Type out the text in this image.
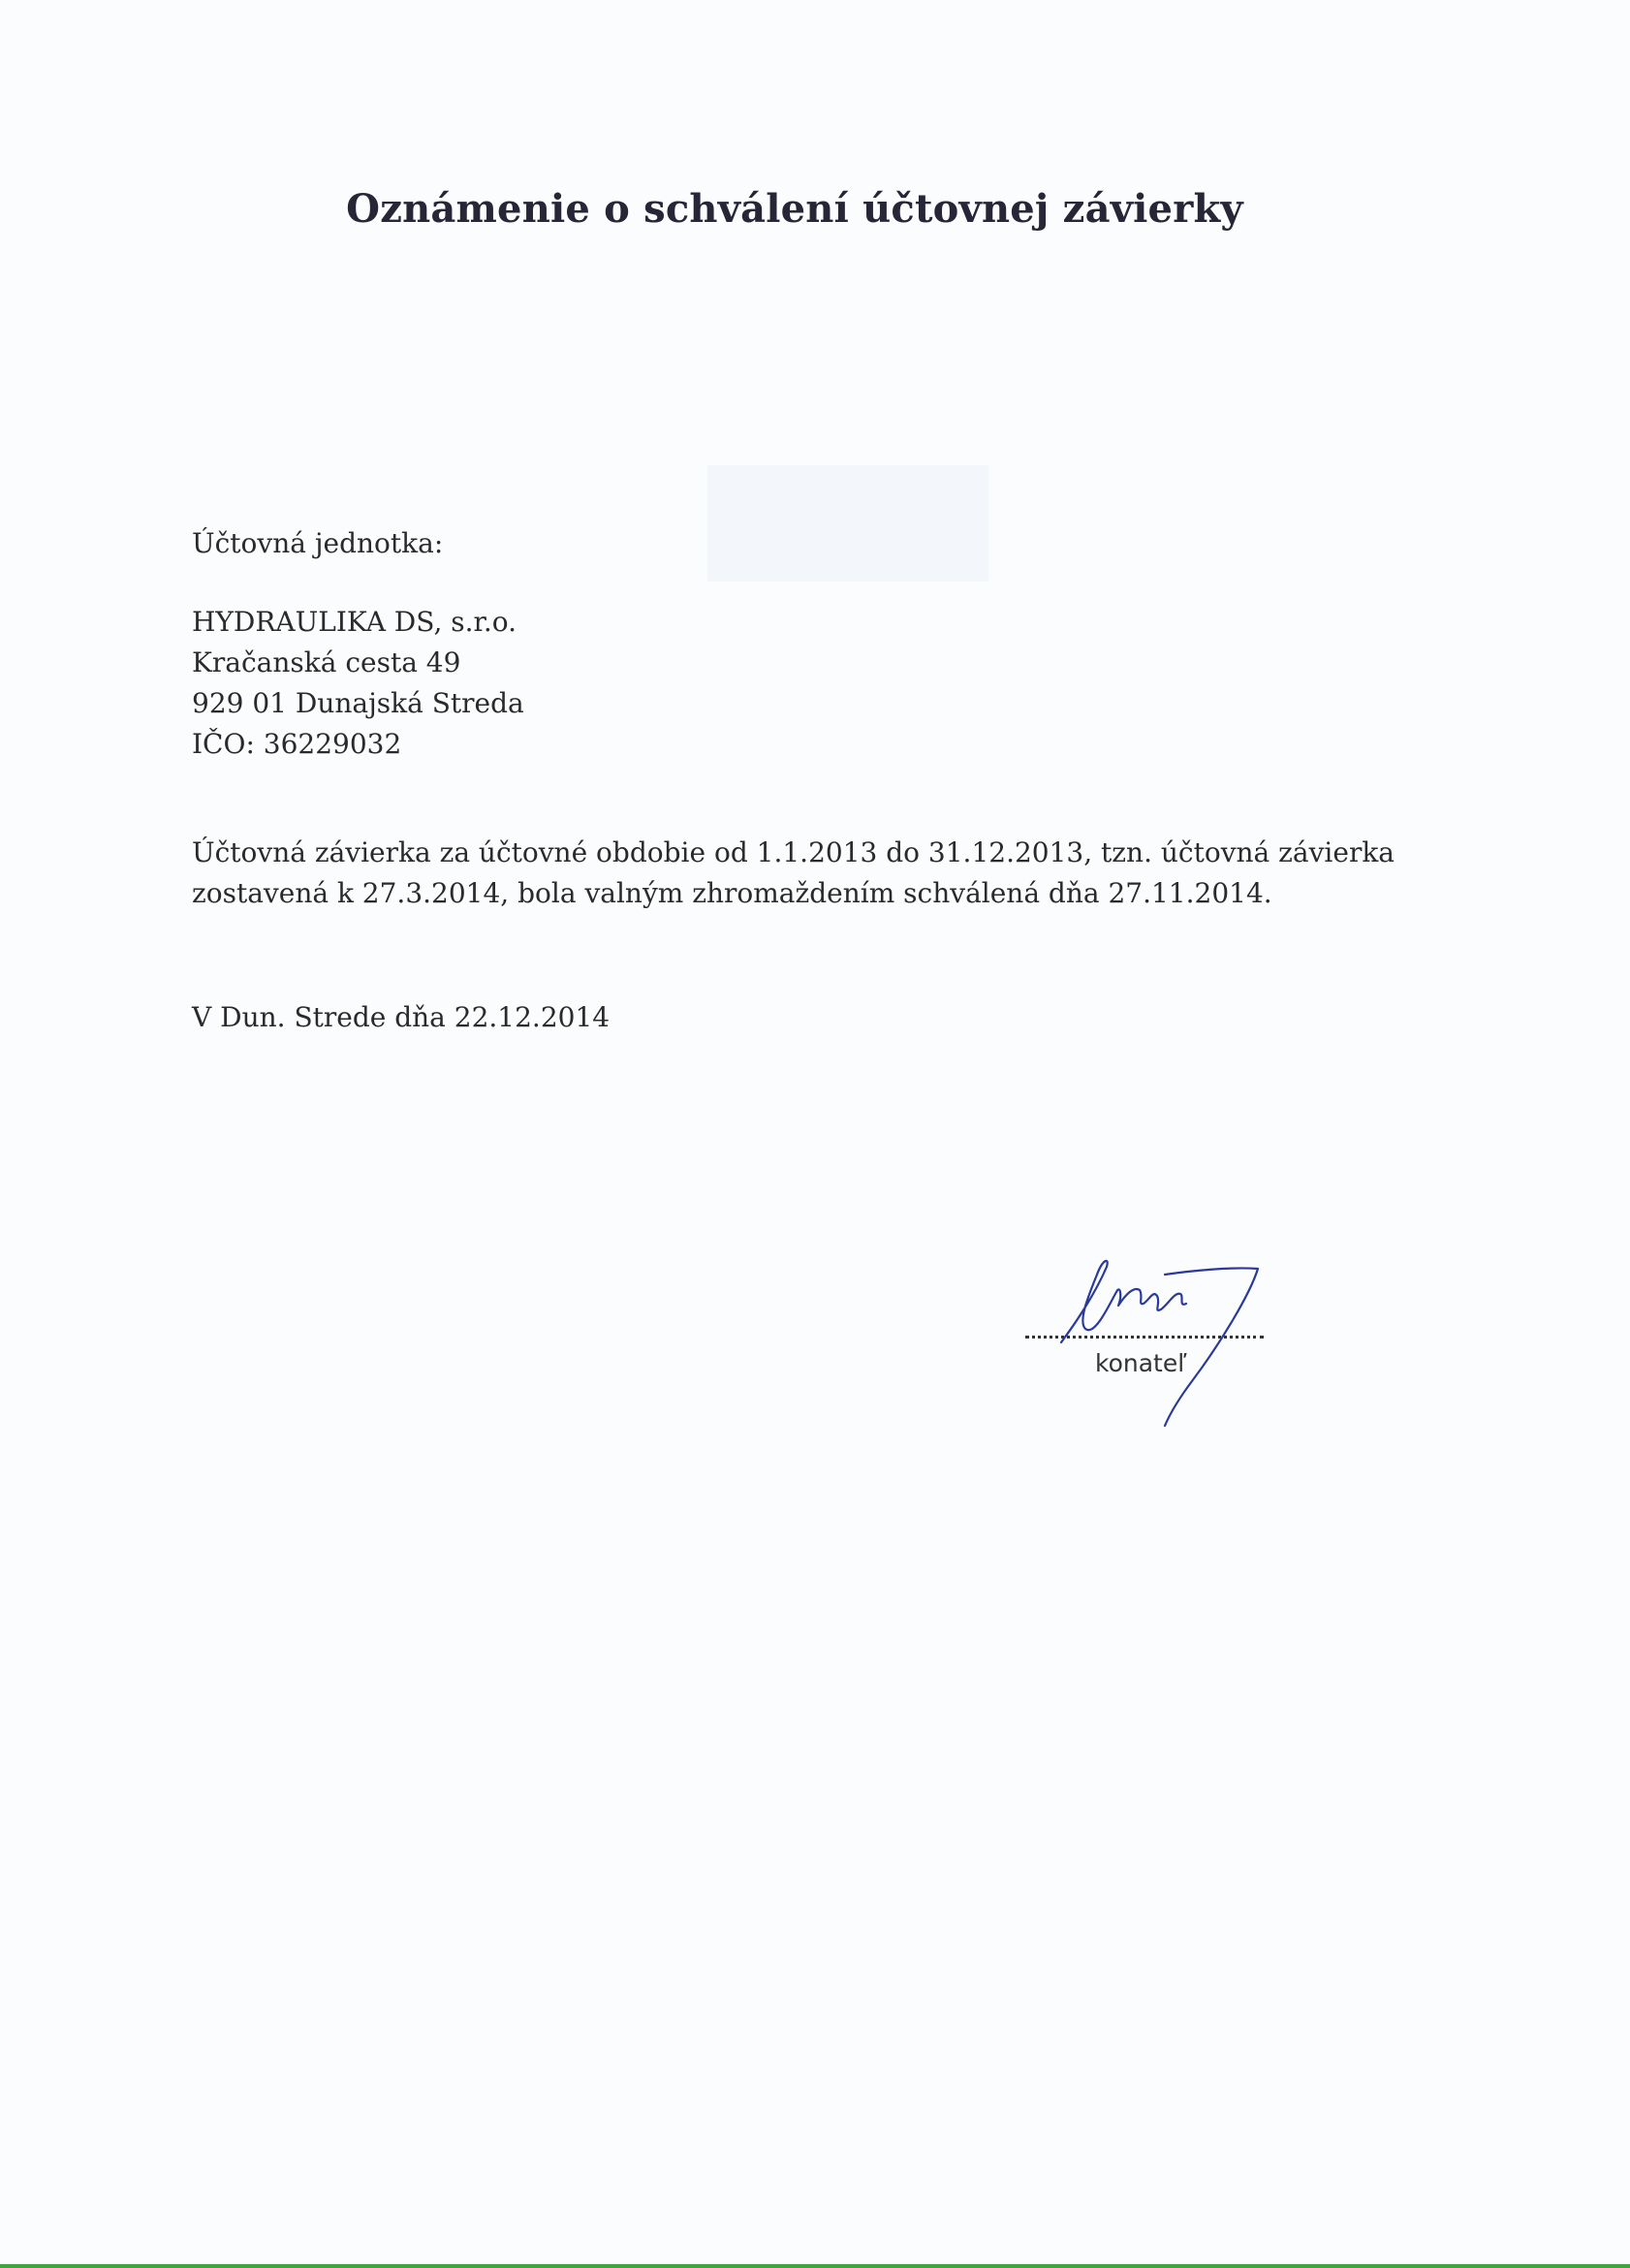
Oznámenie o schválení účtovnej závierky
Účtovná jednotka:
HYDRAULIKA DS, s.r.o.
Kračanská cesta 49
929 01 Dunajská Streda
IČO: 36229032
Účtovná závierka za účtovné obdobie od 1.1.2013 do 31.12.2013, tzn. účtovná závierka
zostavená k 27.3.2014, bola valným zhromaždením schválená dňa 27.11.2014.
V Dun. Strede dňa 22.12.2014
konateľ
